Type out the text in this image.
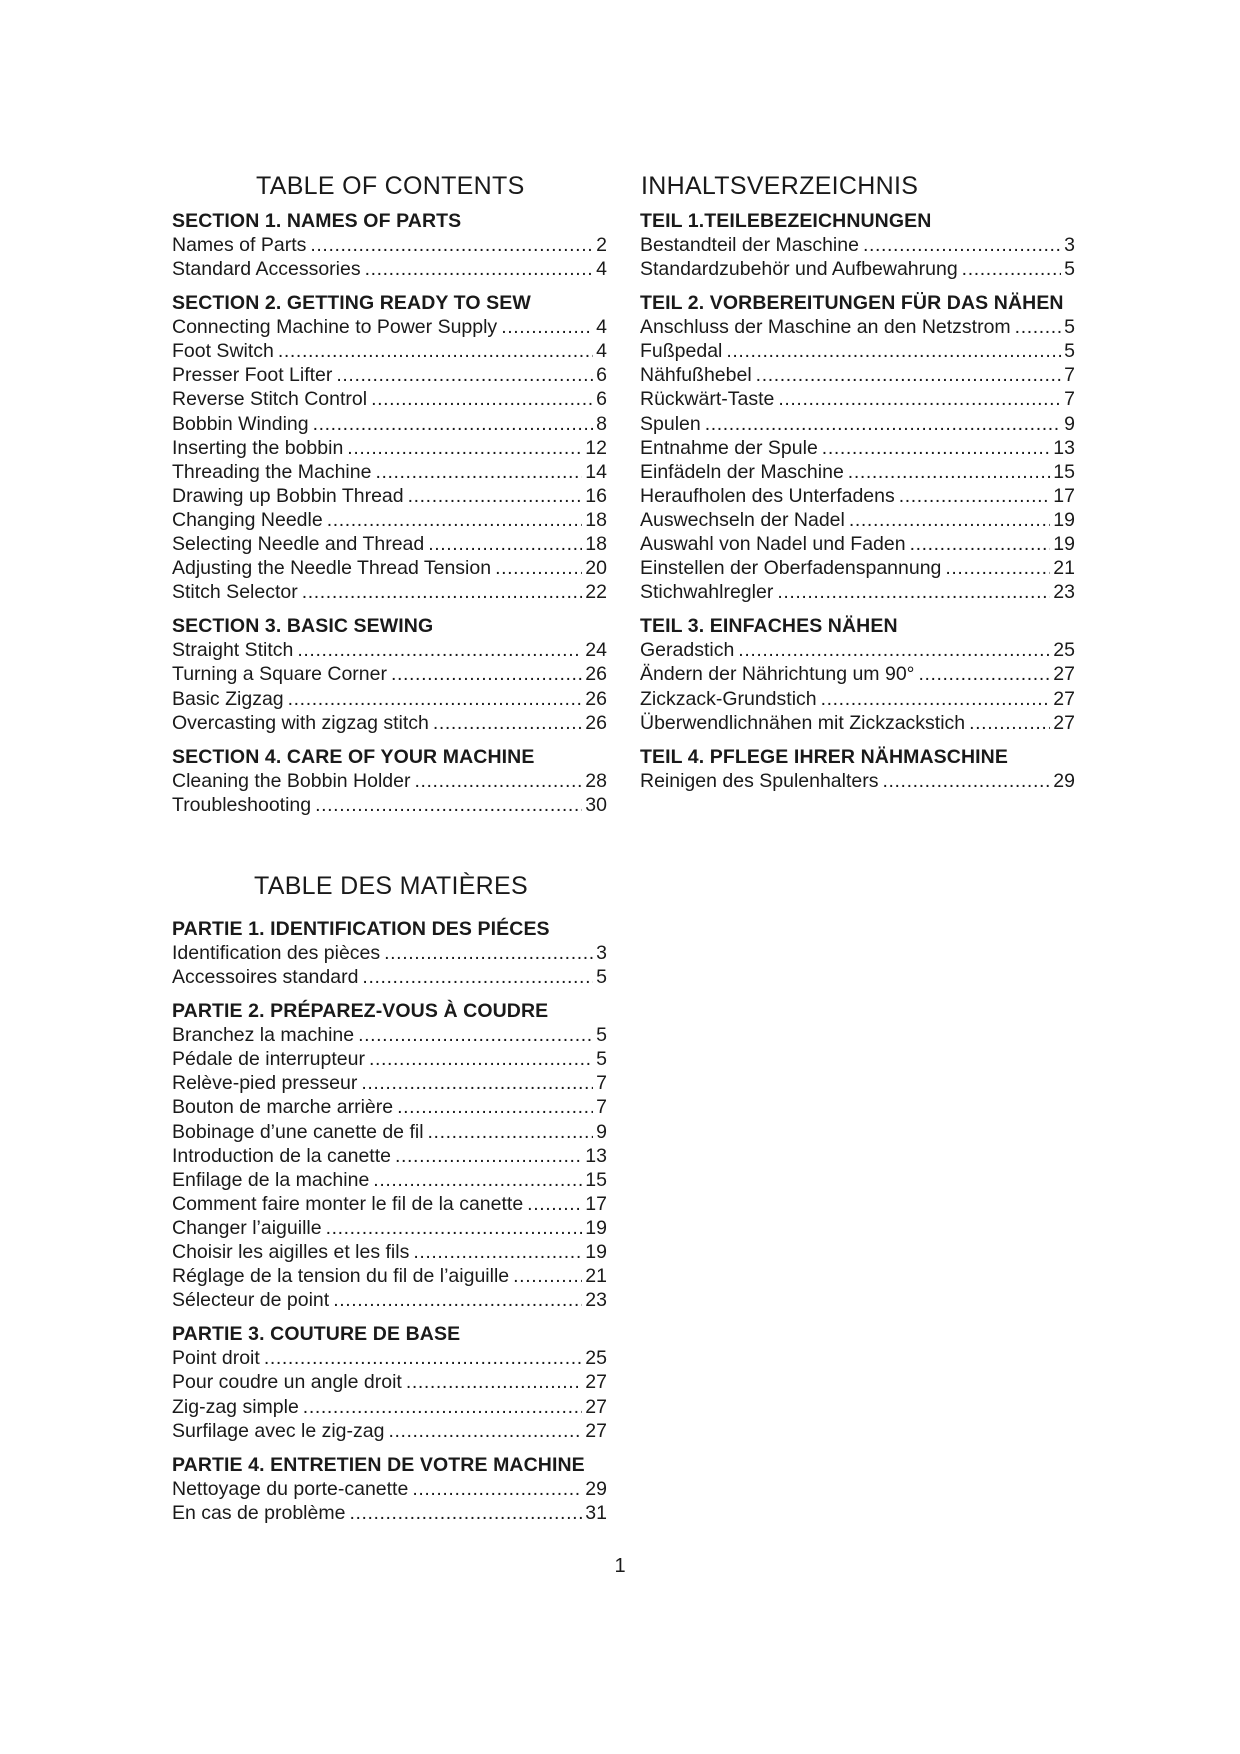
TABLE OF CONTENTS
SECTION 1. NAMES OF PARTS
Names of Parts .....	2
Standard Accessories .....	4
SECTION 2. GETTING READY TO SEW
Connecting Machine to Power Supply .....	4
Foot Switch .....	4
Presser Foot Lifter .....	6
Reverse Stitch Control .....	6
Bobbin Winding .....	8
Inserting the bobbin .....	12
Threading the Machine .....	14
Drawing up Bobbin Thread .....	16
Changing Needle .....	18
Selecting Needle and Thread .....	18
Adjusting the Needle Thread Tension .....	20
Stitch Selector .....	22
SECTION 3. BASIC SEWING
Straight Stitch .....	24
Turning a Square Corner .....	26
Basic Zigzag .....	26
Overcasting with zigzag stitch .....	26
SECTION 4. CARE OF YOUR MACHINE
Cleaning the Bobbin Holder .....	28
Troubleshooting .....	30
INHALTSVERZEICHNIS
TEIL 1.TEILEBEZEICHNUNGEN
Bestandteil der Maschine .....	3
Standardzubehör und Aufbewahrung .....	5
TEIL 2. VORBEREITUNGEN FÜR DAS NÄHEN
Anschluss der Maschine an den Netzstrom .....	5
Fußpedal .....	5
Nähfußhebel .....	7
Rückwärt-Taste .....	7
Spulen .....	9
Entnahme der Spule .....	13
Einfädeln der Maschine .....	15
Heraufholen des Unterfadens .....	17
Auswechseln der Nadel .....	19
Auswahl von Nadel und Faden .....	19
Einstellen der Oberfadenspannung .....	21
Stichwahlregler .....	23
TEIL 3. EINFACHES NÄHEN
Geradstich .....	25
Ändern der Nährichtung um 90° .....	27
Zickzack-Grundstich .....	27
Überwendlichnähen mit Zickzackstich .....	27
TEIL 4. PFLEGE IHRER NÄHMASCHINE
Reinigen des Spulenhalters .....	29
TABLE DES MATIÈRES
PARTIE 1. IDENTIFICATION DES PIÉCES
Identification des pièces .....	3
Accessoires standard .....	5
PARTIE 2. PRÉPAREZ-VOUS À COUDRE
Branchez la machine .....	5
Pédale de interrupteur .....	5
Relève-pied presseur .....	7
Bouton de marche arrière .....	7
Bobinage d’une canette de fil .....	9
Introduction de la canette .....	13
Enfilage de la machine .....	15
Comment faire monter le fil de la canette .....	17
Changer l’aiguille .....	19
Choisir les aigilles et les fils .....	19
Réglage de la tension du fil de l’aiguille .....	21
Sélecteur de point .....	23
PARTIE 3. COUTURE DE BASE
Point droit .....	25
Pour coudre un angle droit .....	27
Zig-zag simple .....	27
Surfilage avec le zig-zag .....	27
PARTIE 4. ENTRETIEN DE VOTRE MACHINE
Nettoyage du porte-canette .....	29
En cas de problème .....	31
1
